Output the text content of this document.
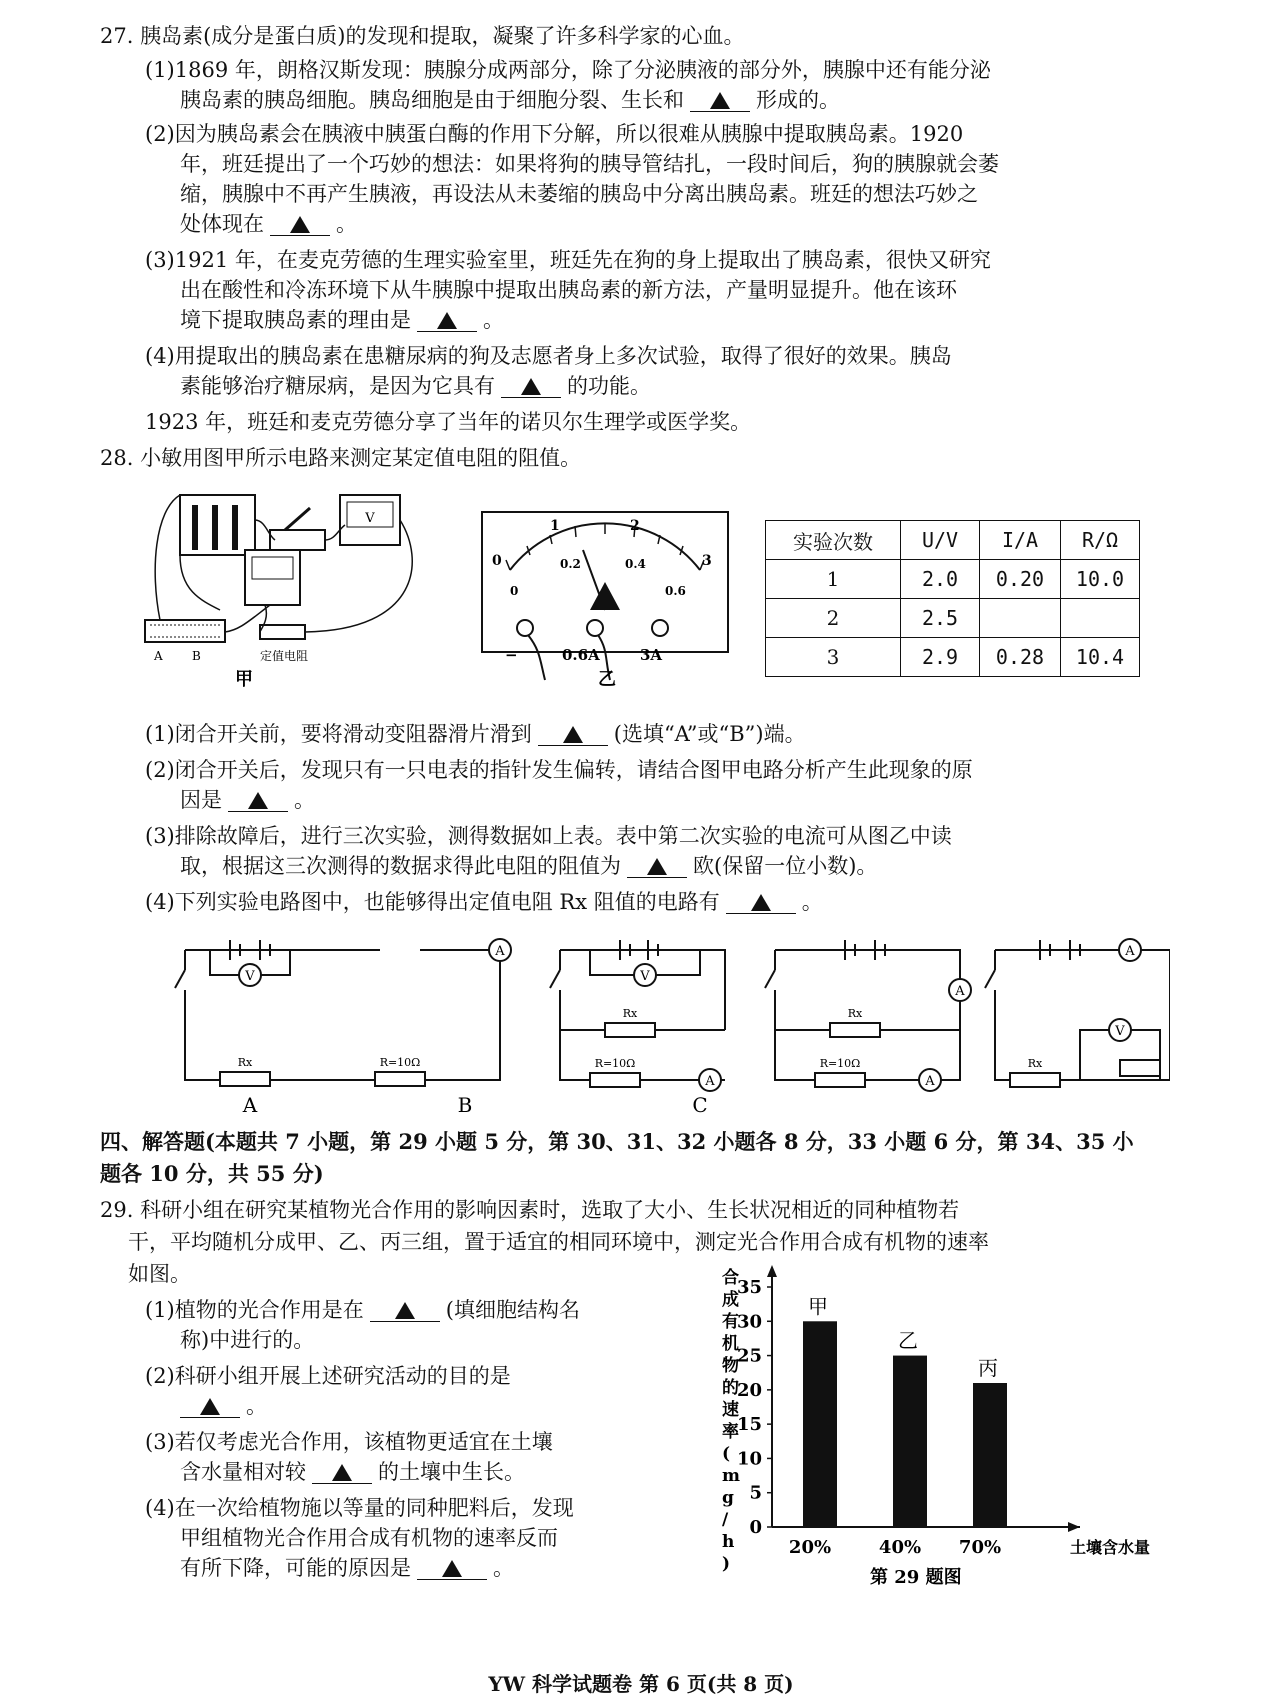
27. 胰岛素(成分是蛋白质)的发现和提取，凝聚了许多科学家的心血。
(1)1869 年，朗格汉斯发现：胰腺分成两部分，除了分泌胰液的部分外，胰腺中还有能分泌
胰岛素的胰岛细胞。胰岛细胞是由于细胞分裂、生长和	形成的。
(2)因为胰岛素会在胰液中胰蛋白酶的作用下分解，所以很难从胰腺中提取胰岛素。1920
年，班廷提出了一个巧妙的想法：如果将狗的胰导管结扎，一段时间后，狗的胰腺就会萎
缩，胰腺中不再产生胰液，再设法从未萎缩的胰岛中分离出胰岛素。班廷的想法巧妙之
处体现在	。
(3)1921 年，在麦克劳德的生理实验室里，班廷先在狗的身上提取出了胰岛素，很快又研究
出在酸性和冷冻环境下从牛胰腺中提取出胰岛素的新方法，产量明显提升。他在该环
境下提取胰岛素的理由是	。
(4)用提取出的胰岛素在患糖尿病的狗及志愿者身上多次试验，取得了很好的效果。胰岛
素能够治疗糖尿病，是因为它具有	的功能。
1923 年，班廷和麦克劳德分享了当年的诺贝尔生理学或医学奖。
28. 小敏用图甲所示电路来测定某定值电阻的阻值。
V
A B	定值电阻
甲
0
1	2
3
0
0.2	0.4
0.6
−	0.6A	3A
乙
实验次数	U/V	I/A	R/Ω
1	2.0	0.20	10.0
2	2.5		
3	2.9	0.28	10.4
(1)闭合开关前，要将滑动变阻器滑片滑到	(选填“A”或“B”)端。
(2)闭合开关后，发现只有一只电表的指针发生偏转，请结合图甲电路分析产生此现象的原
因是	。
(3)排除故障后，进行三次实验，测得数据如上表。表中第二次实验的电流可从图乙中读
取，根据这三次测得的数据求得此电阻的阻值为	欧(保留一位小数)。
(4)下列实验电路图中，也能够得出定值电阻 Rx 阻值的电路有	。
A
V	V
A
A
A
A
V
Rx	R=10Ω
Rx
R=10Ω
Rx
R=10Ω	Rx
A	B	C
四、解答题(本题共 7 小题，第 29 小题 5 分，第 30、31、32 小题各 8 分，33 小题 6 分，第 34、35 小
题各 10 分，共 55 分)
29. 科研小组在研究某植物光合作用的影响因素时，选取了大小、生长状况相近的同种植物若
干，平均随机分成甲、乙、丙三组，置于适宜的相同环境中，测定光合作用合成有机物的速率
如图。
(1)植物的光合作用是在	(填细胞结构名
称)中进行的。
(2)科研小组开展上述研究活动的目的是
。
(3)若仅考虑光合作用，该植物更适宜在土壤
含水量相对较	的土壤中生长。
(4)在一次给植物施以等量的同种肥料后，发现
甲组植物光合作用合成有机物的速率反而
有所下降，可能的原因是	。
合
成
有
机
物
的
速
率
(
m
g
/
h
)
0
5
10
15
20
25
30
35
甲
20%
乙
40%
丙
70%	土壤含水量
第 29 题图
YW 科学试题卷 第 6 页(共 8 页)
